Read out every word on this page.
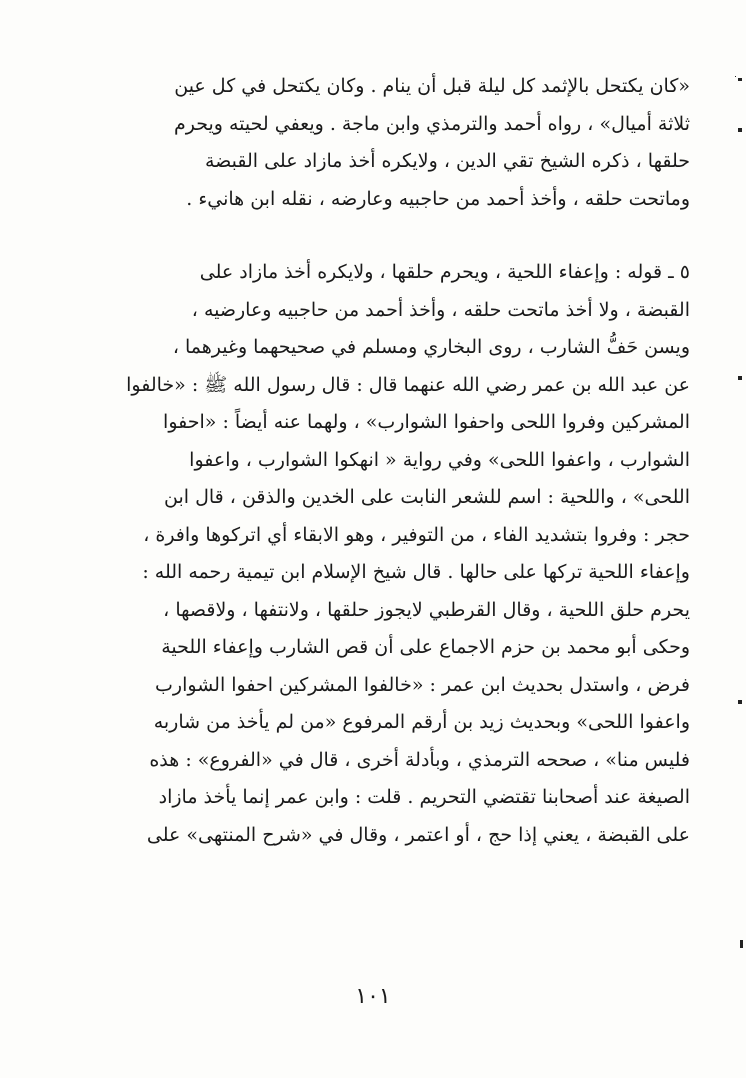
«كان يكتحل بالإثمد كل ليلة قبل أن ينام . وكان يكتحل في كل عين
ثلاثة أميال» ، رواه أحمد والترمذي وابن ماجة . ويعفي لحيته ويحرم
حلقها ، ذكره الشيخ تقي الدين ، ولايكره أخذ مازاد على القبضة
وماتحت حلقه ، وأخذ أحمد من حاجبيه وعارضه ، نقله ابن هانيء .
٥ ـ قوله : وإعفاء اللحية ، ويحرم حلقها ، ولايكره أخذ مازاد على
القبضة ، ولا أخذ ماتحت حلقه ، وأخذ أحمد من حاجبيه وعارضيه ،
ويسن حَفُّ الشارب ، روى البخاري ومسلم في صحيحهما وغيرهما ،
عن عبد الله بن عمر رضي الله عنهما قال : قال رسول الله ﷺ : «خالفوا
المشركين وفروا اللحى واحفوا الشوارب» ، ولهما عنه أيضاً : «احفوا
الشوارب ، واعفوا اللحى» وفي رواية « انهكوا الشوارب ، واعفوا
اللحى» ، واللحية : اسم للشعر النابت على الخدين والذقن ، قال ابن
حجر : وفروا بتشديد الفاء ، من التوفير ، وهو الابقاء أي اتركوها وافرة ،
وإعفاء اللحية تركها على حالها . قال شيخ الإسلام ابن تيمية رحمه الله :
يحرم حلق اللحية ، وقال القرطبي لايجوز حلقها ، ولانتفها ، ولاقصها ،
وحكى أبو محمد بن حزم الاجماع على أن قص الشارب وإعفاء اللحية
فرض ، واستدل بحديث ابن عمر : «خالفوا المشركين احفوا الشوارب
واعفوا اللحى» وبحديث زيد بن أرقم المرفوع «من لم يأخذ من شاربه
فليس منا» ، صححه الترمذي ، وبأدلة أخرى ، قال في «الفروع» : هذه
الصيغة عند أصحابنا تقتضي التحريم . قلت : وابن عمر إنما يأخذ مازاد
على القبضة ، يعني إذا حج ، أو اعتمر ، وقال في «شرح المنتهى» على
١٠١
